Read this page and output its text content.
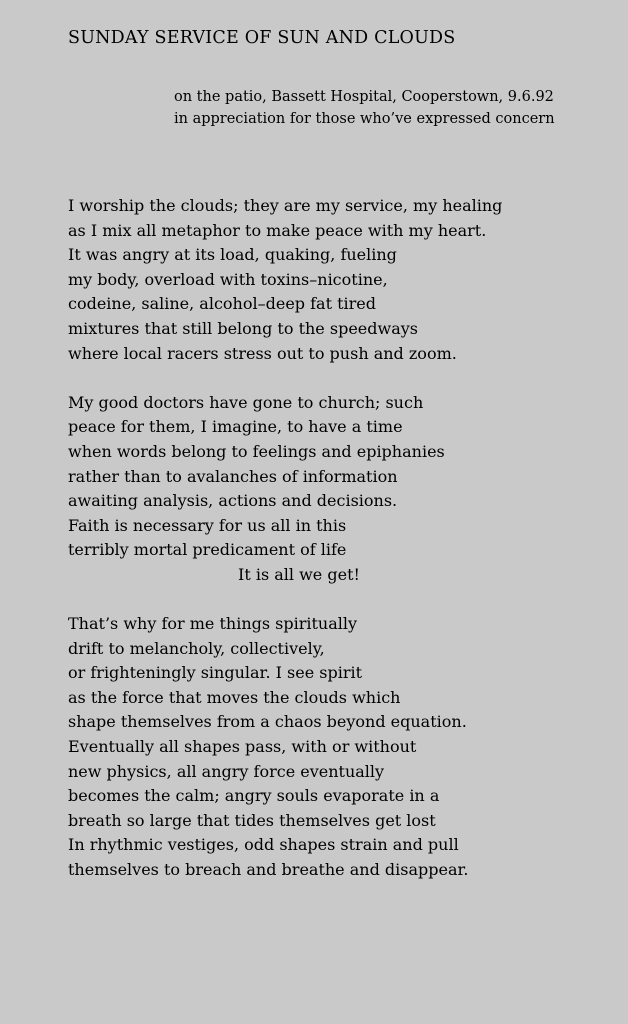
SUNDAY SERVICE OF SUN AND CLOUDS
on the patio, Bassett Hospital, Cooperstown, 9.6.92
in appreciation for those who’ve expressed concern
I worship the clouds; they are my service, my healing
as I mix all metaphor to make peace with my heart.
It was angry at its load, quaking, fueling
my body, overload with toxins–nicotine,
codeine, saline, alcohol–deep fat tired
mixtures that still belong to the speedways
where local racers stress out to push and zoom.
My good doctors have gone to church; such
peace for them, I imagine, to have a time
when words belong to feelings and epiphanies
rather than to avalanches of information
awaiting analysis, actions and decisions.
Faith is necessary for us all in this
terribly mortal predicament of life
It is all we get!
That’s why for me things spiritually
drift to melancholy, collectively,
or frighteningly singular. I see spirit
as the force that moves the clouds which
shape themselves from a chaos beyond equation.
Eventually all shapes pass, with or without
new physics, all angry force eventually
becomes the calm; angry souls evaporate in a
breath so large that tides themselves get lost
In rhythmic vestiges, odd shapes strain and pull
themselves to breach and breathe and disappear.
